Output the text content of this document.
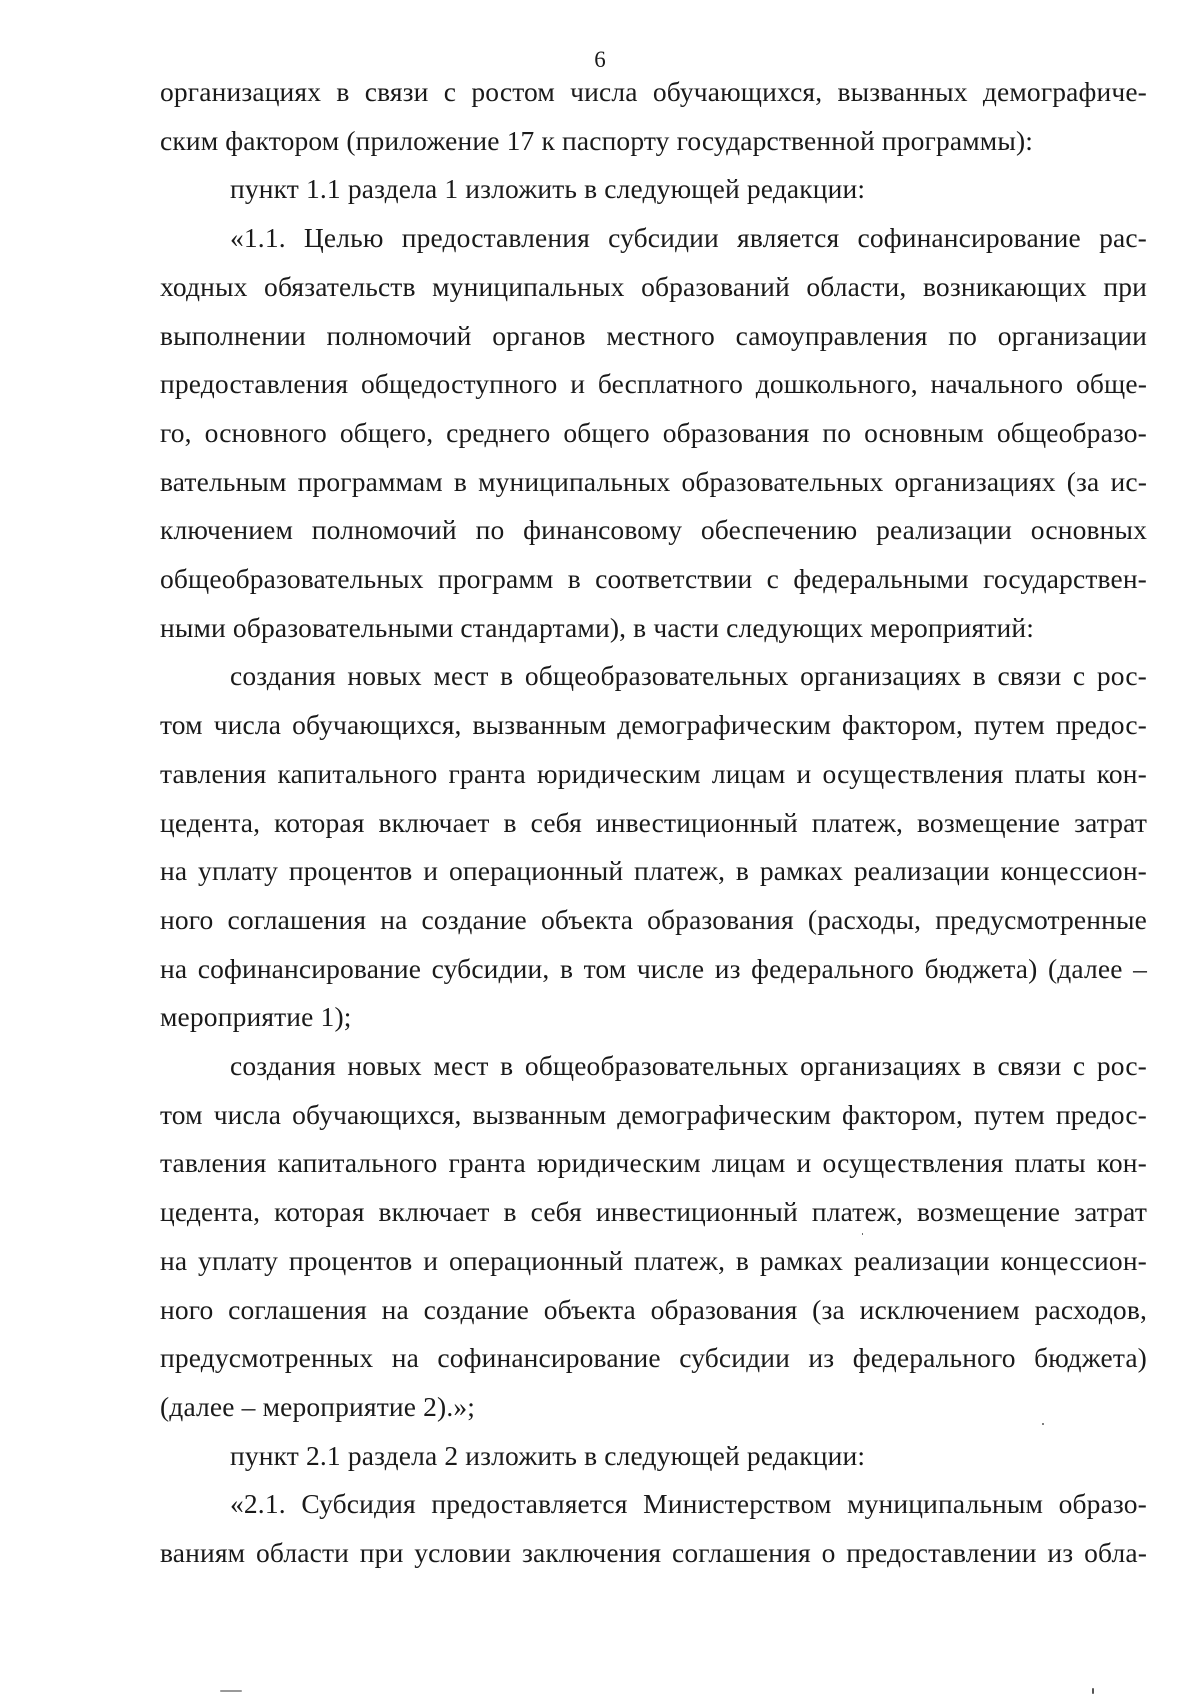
6
организациях в связи с ростом числа обучающихся, вызванных демографиче-
ским фактором (приложение 17 к паспорту государственной программы):
пункт 1.1 раздела 1 изложить в следующей редакции:
«1.1. Целью предоставления субсидии является софинансирование рас-
ходных обязательств муниципальных образований области, возникающих при
выполнении полномочий органов местного самоуправления по организации
предоставления общедоступного и бесплатного дошкольного, начального обще-
го, основного общего, среднего общего образования по основным общеобразо-
вательным программам в муниципальных образовательных организациях (за ис-
ключением полномочий по финансовому обеспечению реализации основных
общеобразовательных программ в соответствии с федеральными государствен-
ными образовательными стандартами), в части следующих мероприятий:
создания новых мест в общеобразовательных организациях в связи с рос-
том числа обучающихся, вызванным демографическим фактором, путем предос-
тавления капитального гранта юридическим лицам и осуществления платы кон-
цедента, которая включает в себя инвестиционный платеж, возмещение затрат
на уплату процентов и операционный платеж, в рамках реализации концессион-
ного соглашения на создание объекта образования (расходы, предусмотренные
на софинансирование субсидии, в том числе из федерального бюджета) (далее –
мероприятие 1);
создания новых мест в общеобразовательных организациях в связи с рос-
том числа обучающихся, вызванным демографическим фактором, путем предос-
тавления капитального гранта юридическим лицам и осуществления платы кон-
цедента, которая включает в себя инвестиционный платеж, возмещение затрат
на уплату процентов и операционный платеж, в рамках реализации концессион-
ного соглашения на создание объекта образования (за исключением расходов,
предусмотренных на софинансирование субсидии из федерального бюджета)
(далее – мероприятие 2).»;
пункт 2.1 раздела 2 изложить в следующей редакции:
«2.1. Субсидия предоставляется Министерством муниципальным образо-
ваниям области при условии заключения соглашения о предоставлении из обла-
